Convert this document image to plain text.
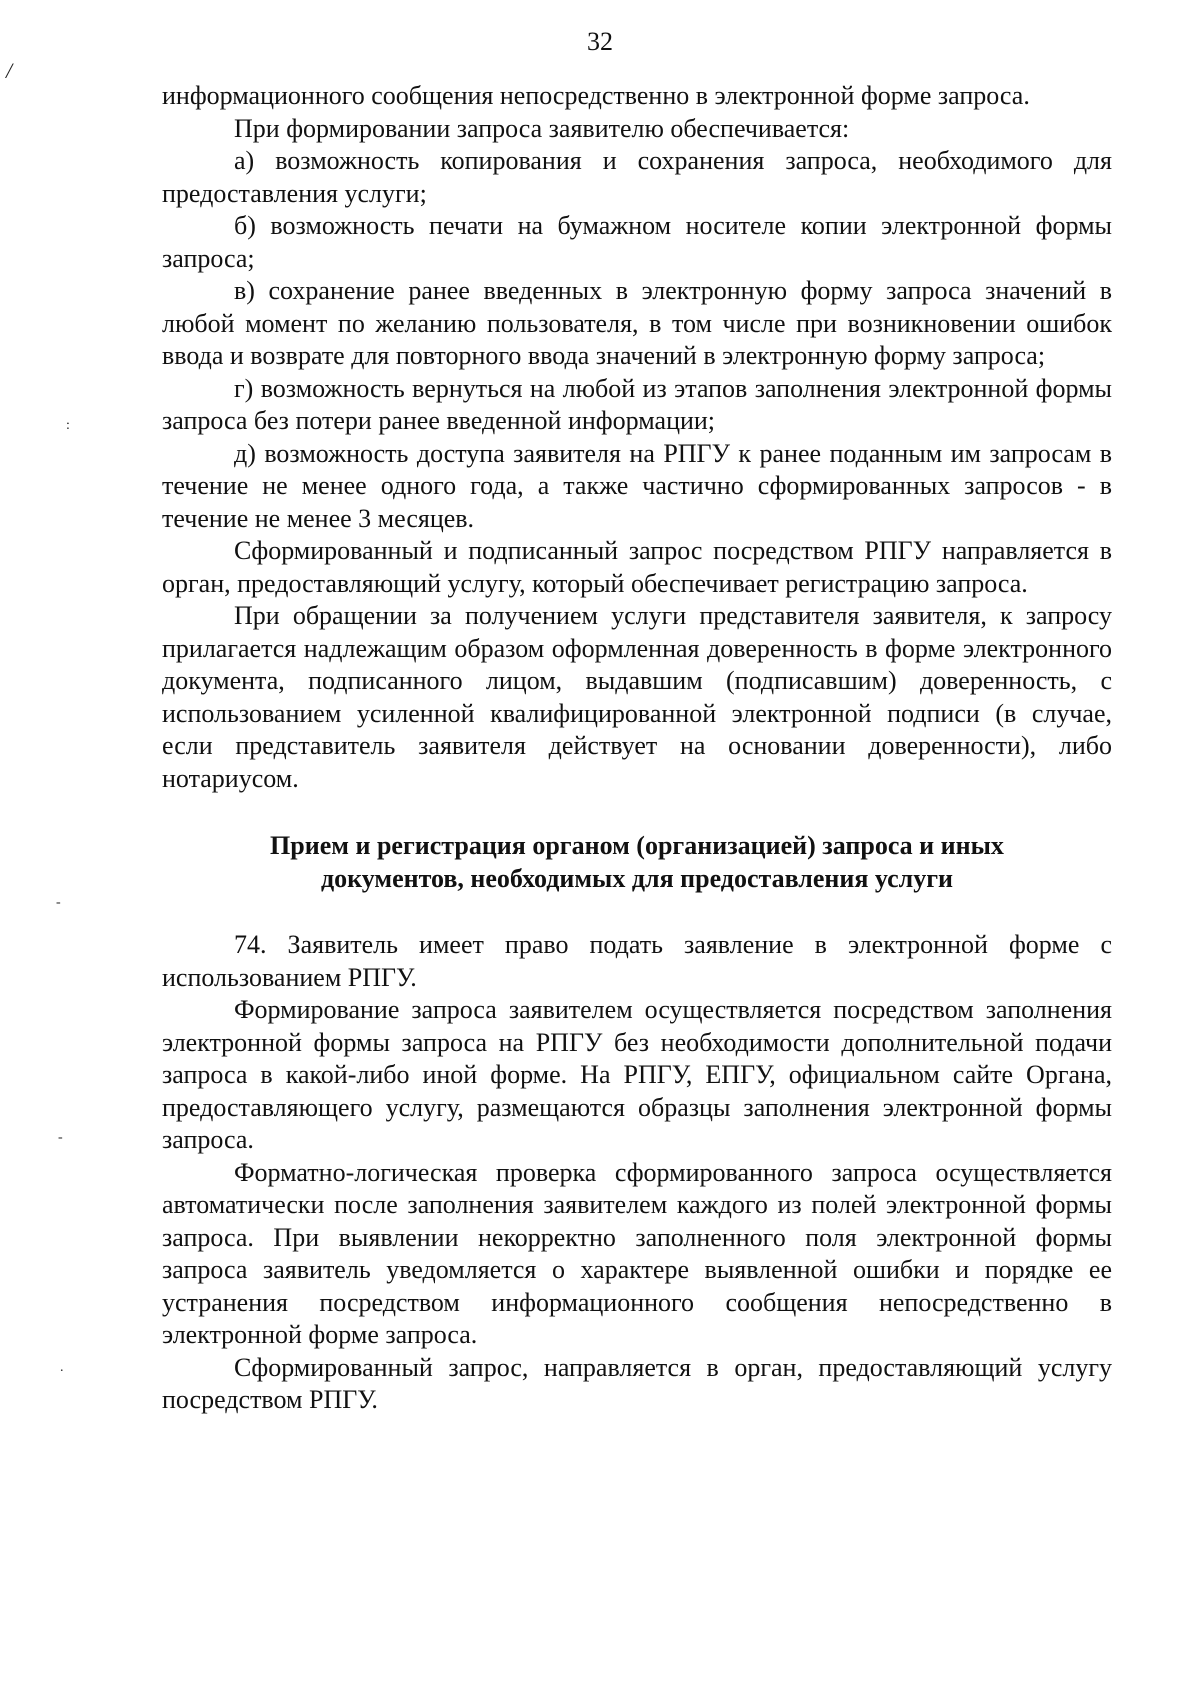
32
/
:
-
-
.

информационного сообщения непосредственно в электронной форме запроса.

При формировании запроса заявителю обеспечивается:

а) возможность копирования и сохранения запроса, необходимого для предоставления услуги;

б) возможность печати на бумажном носителе копии электронной формы запроса;

в) сохранение ранее введенных в электронную форму запроса значений в любой момент по желанию пользователя, в том числе при возникновении ошибок ввода и возврате для повторного ввода значений в электронную форму запроса;

г) возможность вернуться на любой из этапов заполнения электронной формы запроса без потери ранее введенной информации;

д) возможность доступа заявителя на РПГУ к ранее поданным им запросам в течение не менее одного года, а также частично сформированных запросов - в течение не менее 3 месяцев.

Сформированный и подписанный запрос посредством РПГУ направляется в орган, предоставляющий услугу, который обеспечивает регистрацию запроса.

При обращении за получением услуги представителя заявителя, к запросу прилагается надлежащим образом оформленная доверенность в форме электронного документа, подписанного лицом, выдавшим (подписавшим) доверенность, с использованием усиленной квалифицированной электронной подписи (в случае, если представитель заявителя действует на основании доверенности), либо нотариусом.

Прием и регистрация органом (организацией) запроса и иных
документов, необходимых для предоставления услуги

74. Заявитель имеет право подать заявление в электронной форме с использованием РПГУ.

Формирование запроса заявителем осуществляется посредством заполнения электронной формы запроса на РПГУ без необходимости дополнительной подачи запроса в какой-либо иной форме. На РПГУ, ЕПГУ, официальном сайте Органа, предоставляющего услугу, размещаются образцы заполнения электронной формы запроса.

Форматно-логическая проверка сформированного запроса осуществляется автоматически после заполнения заявителем каждого из полей электронной формы запроса. При выявлении некорректно заполненного поля электронной формы запроса заявитель уведомляется о характере выявленной ошибки и порядке ее устранения посредством информационного сообщения непосредственно в электронной форме запроса.

Сформированный запрос, направляется в орган, предоставляющий услугу посредством РПГУ.
